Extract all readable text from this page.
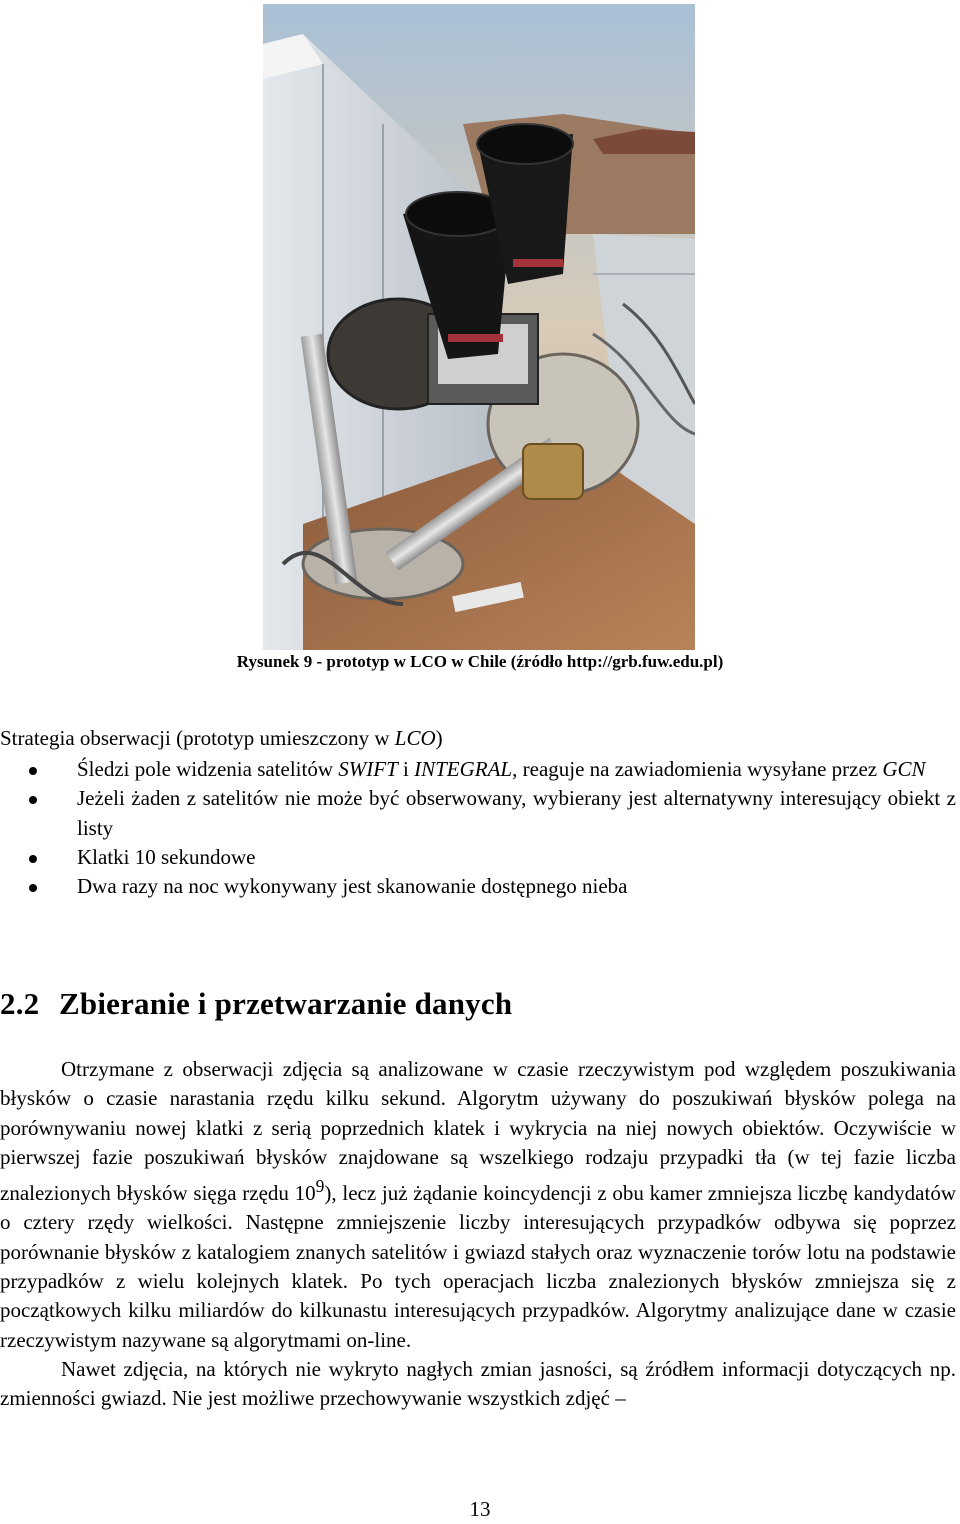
Rysunek 9 - prototyp w LCO w Chile (źródło http://grb.fuw.edu.pl)
Strategia obserwacji (prototyp umieszczony w LCO)
Śledzi pole widzenia satelitów SWIFT i INTEGRAL, reaguje na zawiadomienia wysyłane przez GCN
Jeżeli żaden z satelitów nie może być obserwowany, wybierany jest alternatywny interesujący obiekt z listy
Klatki 10 sekundowe
Dwa razy na noc wykonywany jest skanowanie dostępnego nieba
2.2 Zbieranie i przetwarzanie danych

Otrzymane z obserwacji zdjęcia są analizowane w czasie rzeczywistym pod względem poszukiwania błysków o czasie narastania rzędu kilku sekund. Algorytm używany do poszukiwań błysków polega na porównywaniu nowej klatki z serią poprzednich klatek i wykrycia na niej nowych obiektów. Oczywiście w pierwszej fazie poszukiwań błysków znajdowane są wszelkiego rodzaju przypadki tła (w tej fazie liczba znalezionych błysków sięga rzędu $10^9$), lecz już żądanie koincydencji z obu kamer zmniejsza liczbę kandydatów o cztery rzędy wielkości. Następne zmniejszenie liczby interesujących przypadków odbywa się poprzez porównanie błysków z katalogiem znanych satelitów i gwiazd stałych oraz wyznaczenie torów lotu na podstawie przypadków z wielu kolejnych klatek. Po tych operacjach liczba znalezionych błysków zmniejsza się z początkowych kilku miliardów do kilkunastu interesujących przypadków. Algorytmy analizujące dane w czasie rzeczywistym nazywane są algorytmami on-line.

Nawet zdjęcia, na których nie wykryto nagłych zmian jasności, są źródłem informacji dotyczących np. zmienności gwiazd. Nie jest możliwe przechowywanie wszystkich zdjęć –

13
